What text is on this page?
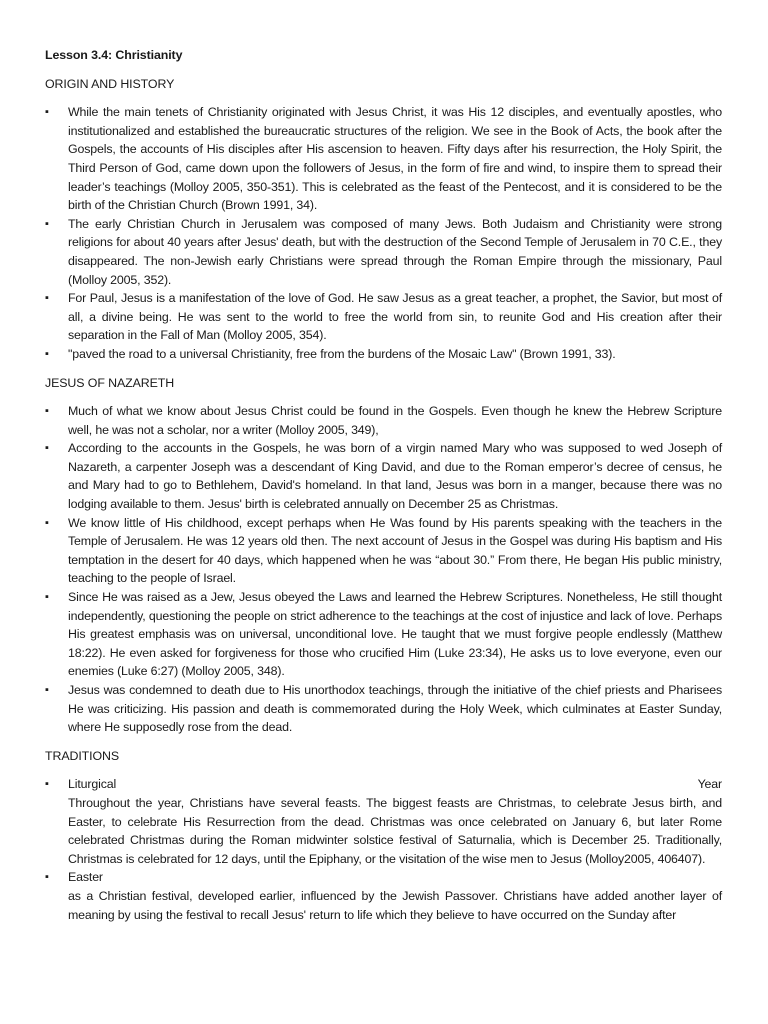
Lesson 3.4: Christianity
ORIGIN AND HISTORY
▪ While the main tenets of Christianity originated with Jesus Christ, it was His 12 disciples, and eventually apostles, who institutionalized and established the bureaucratic structures of the religion. We see in the Book of Acts, the book after the Gospels, the accounts of His disciples after His ascension to heaven. Fifty days after his resurrection, the Holy Spirit, the Third Person of God, came down upon the followers of Jesus, in the form of fire and wind, to inspire them to spread their leader’s teachings (Molloy 2005, 350-351). This is celebrated as the feast of the Pentecost, and it is considered to be the birth of the Christian Church (Brown 1991, 34).
▪ The early Christian Church in Jerusalem was composed of many Jews. Both Judaism and Christianity were strong religions for about 40 years after Jesus' death, but with the destruction of the Second Temple of Jerusalem in 70 C.E., they disappeared. The non-Jewish early Christians were spread through the Roman Empire through the missionary, Paul (Molloy 2005, 352).
▪ For Paul, Jesus is a manifestation of the love of God. He saw Jesus as a great teacher, a prophet, the Savior, but most of all, a divine being. He was sent to the world to free the world from sin, to reunite God and His creation after their separation in the Fall of Man (Molloy 2005, 354).
▪ "paved the road to a universal Christianity, free from the burdens of the Mosaic Law" (Brown 1991, 33).
JESUS OF NAZARETH
▪ Much of what we know about Jesus Christ could be found in the Gospels. Even though he knew the Hebrew Scripture well, he was not a scholar, nor a writer (Molloy 2005, 349),
▪ According to the accounts in the Gospels, he was born of a virgin named Mary who was supposed to wed Joseph of Nazareth, a carpenter Joseph was a descendant of King David, and due to the Roman emperor’s decree of census, he and Mary had to go to Bethlehem, David's homeland. In that land, Jesus was born in a manger, because there was no lodging available to them. Jesus' birth is celebrated annually on December 25 as Christmas.
▪ We know little of His childhood, except perhaps when He Was found by His parents speaking with the teachers in the Temple of Jerusalem. He was 12 years old then. The next account of Jesus in the Gospel was during His baptism and His temptation in the desert for 40 days, which happened when he was “about 30.” From there, He began His public ministry, teaching to the people of Israel.
▪ Since He was raised as a Jew, Jesus obeyed the Laws and learned the Hebrew Scriptures. Nonetheless, He still thought independently, questioning the people on strict adherence to the teachings at the cost of injustice and lack of love. Perhaps His greatest emphasis was on universal, unconditional love. He taught that we must forgive people endlessly (Matthew 18:22). He even asked for forgiveness for those who crucified Him (Luke 23:34), He asks us to love everyone, even our enemies (Luke 6:27) (Molloy 2005, 348).
▪ Jesus was condemned to death due to His unorthodox teachings, through the initiative of the chief priests and Pharisees He was criticizing. His passion and death is commemorated during the Holy Week, which culminates at Easter Sunday, where He supposedly rose from the dead.
TRADITIONS
▪ Liturgical	Year
Throughout the year, Christians have several feasts. The biggest feasts are Christmas, to celebrate Jesus birth, and Easter, to celebrate His Resurrection from the dead. Christmas was once celebrated on January 6, but later Rome celebrated Christmas during the Roman midwinter solstice festival of Saturnalia, which is December 25. Traditionally, Christmas is celebrated for 12 days, until the Epiphany, or the visitation of the wise men to Jesus (Molloy2005, 406407).
▪ Easter
as a Christian festival, developed earlier, influenced by the Jewish Passover. Christians have added another layer of meaning by using the festival to recall Jesus' return to life which they believe to have occurred on the Sunday after
